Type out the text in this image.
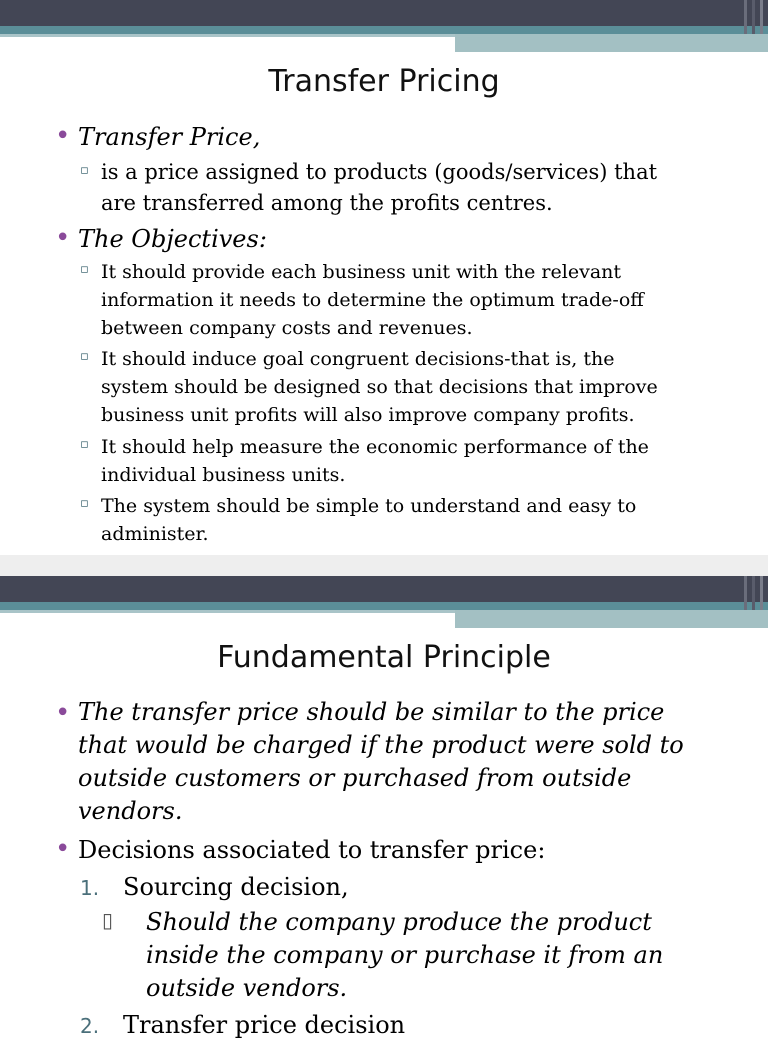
Transfer Pricing
• Transfer Price,
▫ is a price assigned to products (goods/services) that
are transferred among the profits centres.
• The Objectives:
▫ It should provide each business unit with the relevant
information it needs to determine the optimum trade-off
between company costs and revenues.
▫ It should induce goal congruent decisions-that is, the
system should be designed so that decisions that improve
business unit profits will also improve company profits.
▫ It should help measure the economic performance of the
individual business units.
▫ The system should be simple to understand and easy to
administer.
Fundamental Principle
• The transfer price should be similar to the price
that would be charged if the product were sold to
outside customers or purchased from outside
vendors.
• Decisions associated to transfer price:
1. Sourcing decision,
▯ Should the company produce the product
inside the company or purchase it from an
outside vendors.
2. Transfer price decision
